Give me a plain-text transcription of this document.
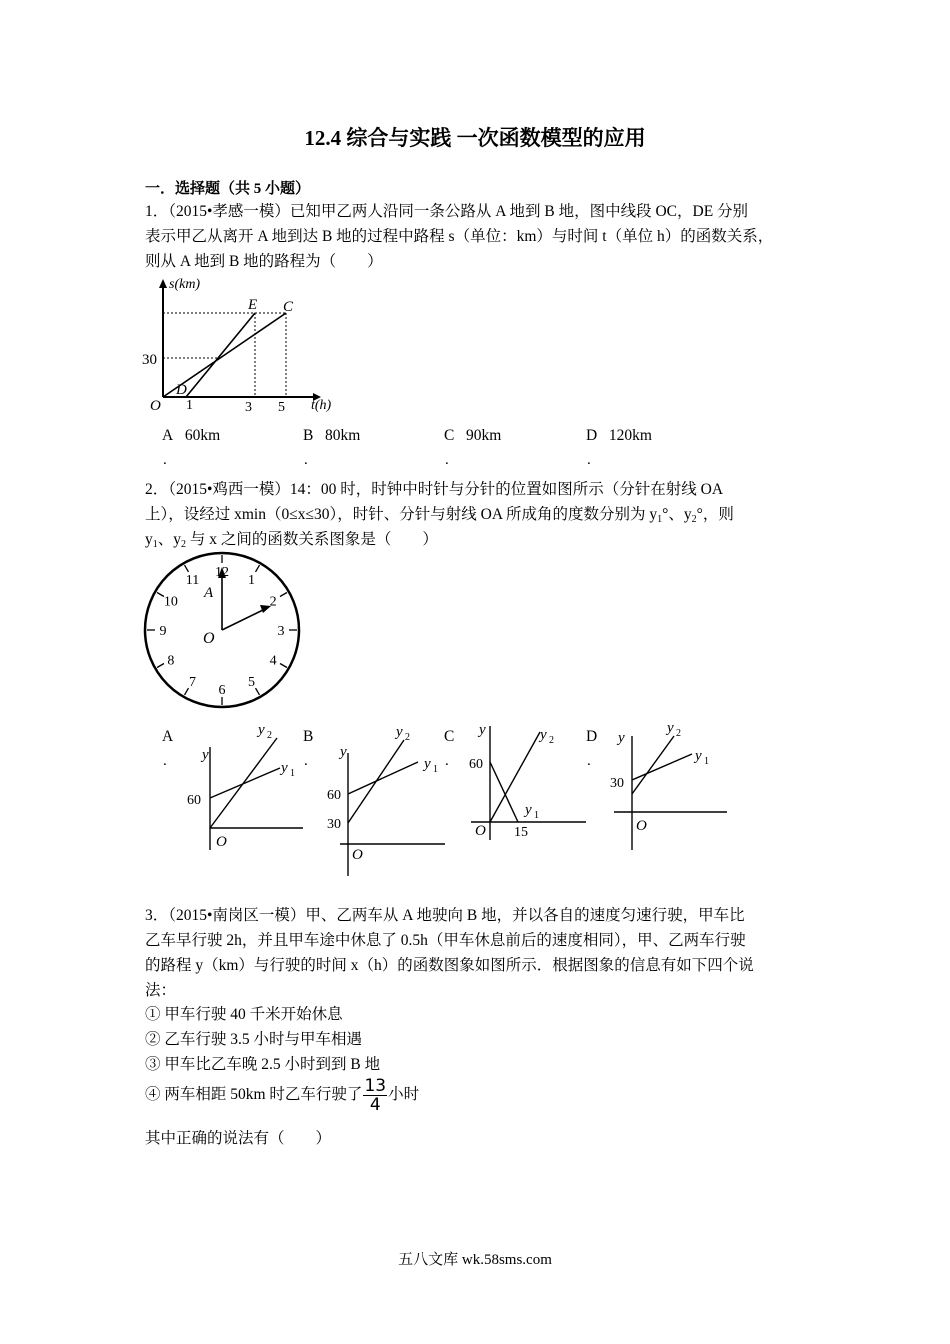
12.4 综合与实践 一次函数模型的应用
一．选择题（共 5 小题）
1．（2015•孝感一模）已知甲乙两人沿同一条公路从 A 地到 B 地，图中线段 OC，DE 分别
表示甲乙从离开 A 地到达 B 地的过程中路程 s（单位：km）与时间 t（单位 h）的函数关系，
则从 A 地到 B 地的路程为（　　）
s(km)
t(h)
30
O
D
E C
1	3 5
A 60km	B 80km	C 90km	D 120km
.	.	.	.
2．（2015•鸡西一模）14：00 时，时钟中时针与分针的位置如图所示（分针在射线 OA
上），设经过 xmin（0≤x≤30），时针、分针与射线 OA 所成角的度数分别为 $y_1^\circ$、$y_2^\circ$，则
$y_1$、$y_2$ 与 x 之间的函数关系图象是（　　）
A
O
12
1
2
3
4
5
6
7
8
9
10
11
A
. y
60
O
y 2
y 1
B
.
y
60
30
O
y 2
y 1
C
.
y
60
O 15
y 2
y 1
D
.
y
30
O
y 2
y 1
3．（2015•南岗区一模）甲、乙两车从 A 地驶向 B 地，并以各自的速度匀速行驶，甲车比
乙车早行驶 2h，并且甲车途中休息了 0.5h（甲车休息前后的速度相同），甲、乙两车行驶
的路程 y（km）与行驶的时间 x（h）的函数图象如图所示．根据图象的信息有如下四个说
法：
① 甲车行驶 40 千米开始休息
② 乙车行驶 3.5 小时与甲车相遇
③ 甲车比乙车晚 2.5 小时到到 B 地
④ 两车相距 50km 时乙车行驶了 $\frac{13}{4}$ 小时
其中正确的说法有（　　）
五八文库 wk.58sms.com
